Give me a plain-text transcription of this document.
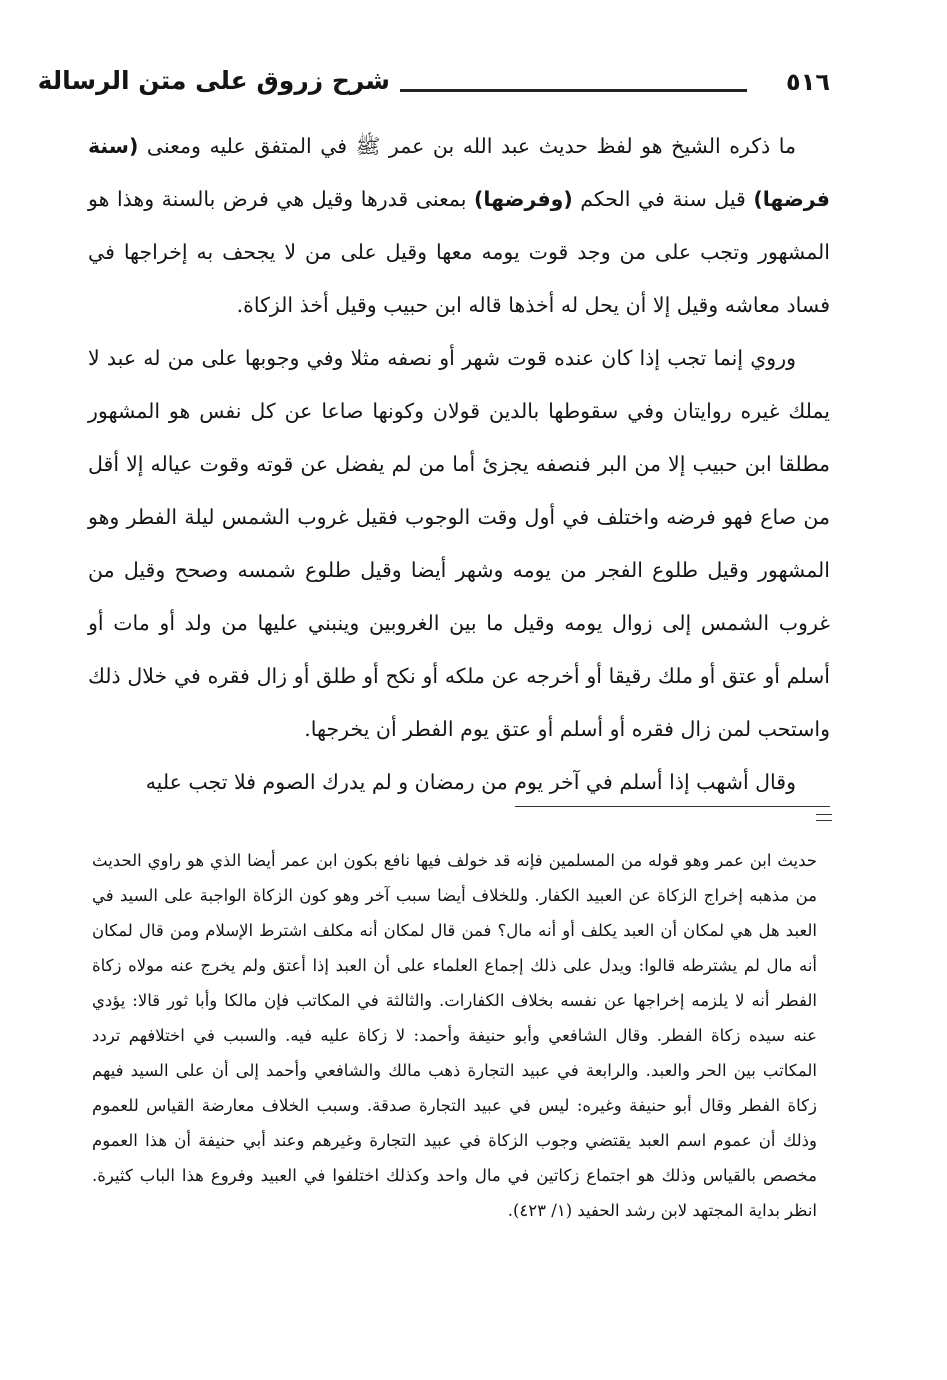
٥١٦
شرح زروق على متن الرسالة

ما ذكره الشيخ هو لفظ حديث عبد الله بن عمر ﷺ في المتفق عليه ومعنى (سنة فرضها) قيل سنة في الحكم (وفرضها) بمعنى قدرها وقيل هي فرض بالسنة وهذا هو المشهور وتجب على من وجد قوت يومه معها وقيل على من لا يجحف به إخراجها في فساد معاشه وقيل إلا أن يحل له أخذها قاله ابن حبيب وقيل أخذ الزكاة.

وروي إنما تجب إذا كان عنده قوت شهر أو نصفه مثلا وفي وجوبها على من له عبد لا يملك غيره روايتان وفي سقوطها بالدين قولان وكونها صاعا عن كل نفس هو المشهور مطلقا ابن حبيب إلا من البر فنصفه يجزئ أما من لم يفضل عن قوته وقوت عياله إلا أقل من صاع فهو فرضه واختلف في أول وقت الوجوب فقيل غروب الشمس ليلة الفطر وهو المشهور وقيل طلوع الفجر من يومه وشهر أيضا وقيل طلوع شمسه وصحح وقيل من غروب الشمس إلى زوال يومه وقيل ما بين الغروبين وينبني عليها من ولد أو مات أو أسلم أو عتق أو ملك رقيقا أو أخرجه عن ملكه أو نكح أو طلق أو زال فقره في خلال ذلك واستحب لمن زال فقره أو أسلم أو عتق يوم الفطر أن يخرجها.

وقال أشهب إذا أسلم في آخر يوم من رمضان و لم يدرك الصوم فلا تجب عليه

حديث ابن عمر وهو قوله من المسلمين فإنه قد خولف فيها نافع بكون ابن عمر أيضا الذي هو راوي الحديث من مذهبه إخراج الزكاة عن العبيد الكفار. وللخلاف أيضا سبب آخر وهو كون الزكاة الواجبة على السيد في العبد هل هي لمكان أن العبد يكلف أو أنه مال؟ فمن قال لمكان أنه مكلف اشترط الإسلام ومن قال لمكان أنه مال لم يشترطه قالوا: ويدل على ذلك إجماع العلماء على أن العبد إذا أعتق ولم يخرج عنه مولاه زكاة الفطر أنه لا يلزمه إخراجها عن نفسه بخلاف الكفارات. والثالثة في المكاتب فإن مالكا وأبا ثور قالا: يؤدي عنه سيده زكاة الفطر. وقال الشافعي وأبو حنيفة وأحمد: لا زكاة عليه فيه. والسبب في اختلافهم تردد المكاتب بين الحر والعبد. والرابعة في عبيد التجارة ذهب مالك والشافعي وأحمد إلى أن على السيد فيهم زكاة الفطر وقال أبو حنيفة وغيره: ليس في عبيد التجارة صدقة. وسبب الخلاف معارضة القياس للعموم وذلك أن عموم اسم العبد يقتضي وجوب الزكاة في عبيد التجارة وغيرهم وعند أبي حنيفة أن هذا العموم مخصص بالقياس وذلك هو اجتماع زكاتين في مال واحد وكذلك اختلفوا في العبيد وفروع هذا الباب كثيرة. انظر بداية المجتهد لابن رشد الحفيد (١/ ٤٢٣).
